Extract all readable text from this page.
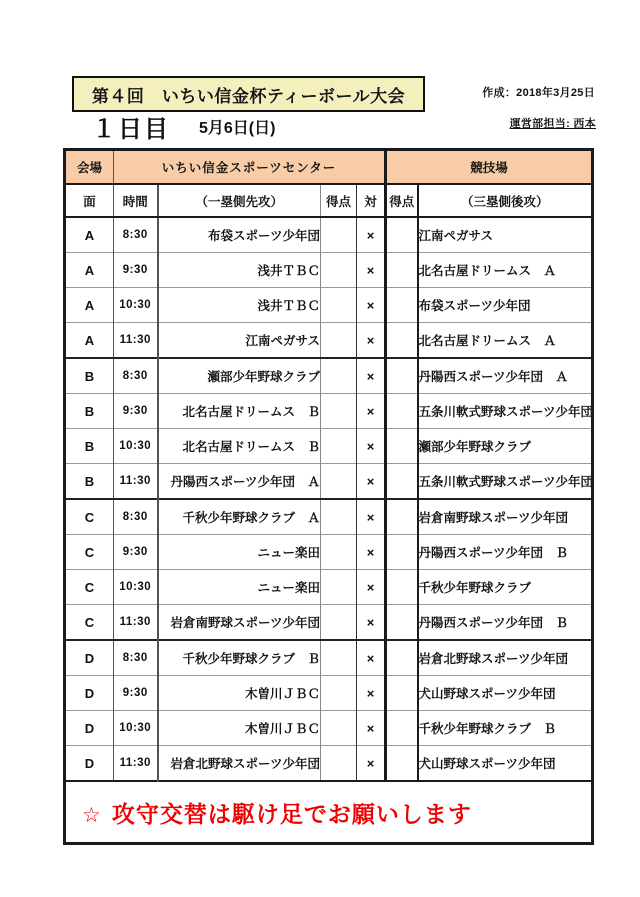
第４回　いちい信金杯ティーボール大会	作成：2018年3月25日
１日目 5月6日(日)	運営部担当: 西本
会場	いちい信金スポーツセンター				競技場	
面	時間	（一塁側先攻）	得点	対	得点	（三塁側後攻）
A	8:30	布袋スポーツ少年団		×		江南ペガサス
A	9:30	浅井ＴＢＣ		×		北名古屋ドリームス　Ａ
A	10:30	浅井ＴＢＣ		×		布袋スポーツ少年団
A	11:30	江南ペガサス		×		北名古屋ドリームス　Ａ
B	8:30	瀬部少年野球クラブ		×		丹陽西スポーツ少年団　Ａ
B	9:30	北名古屋ドリームス　Ｂ		×		五条川軟式野球スポーツ少年団
B	10:30	北名古屋ドリームス　Ｂ		×		瀬部少年野球クラブ
B	11:30	丹陽西スポーツ少年団　Ａ		×		五条川軟式野球スポーツ少年団
C	8:30	千秋少年野球クラブ　Ａ		×		岩倉南野球スポーツ少年団
C	9:30	ニュー楽田		×		丹陽西スポーツ少年団　Ｂ
C	10:30	ニュー楽田		×		千秋少年野球クラブ
C	11:30	岩倉南野球スポーツ少年団		×		丹陽西スポーツ少年団　Ｂ
D	8:30	千秋少年野球クラブ　Ｂ		×		岩倉北野球スポーツ少年団
D	9:30	木曽川ＪＢＣ		×		犬山野球スポーツ少年団
D	10:30	木曽川ＪＢＣ		×		千秋少年野球クラブ　Ｂ
D	11:30	岩倉北野球スポーツ少年団		×		犬山野球スポーツ少年団
☆ 攻守交替は駆け足でお願いします						
